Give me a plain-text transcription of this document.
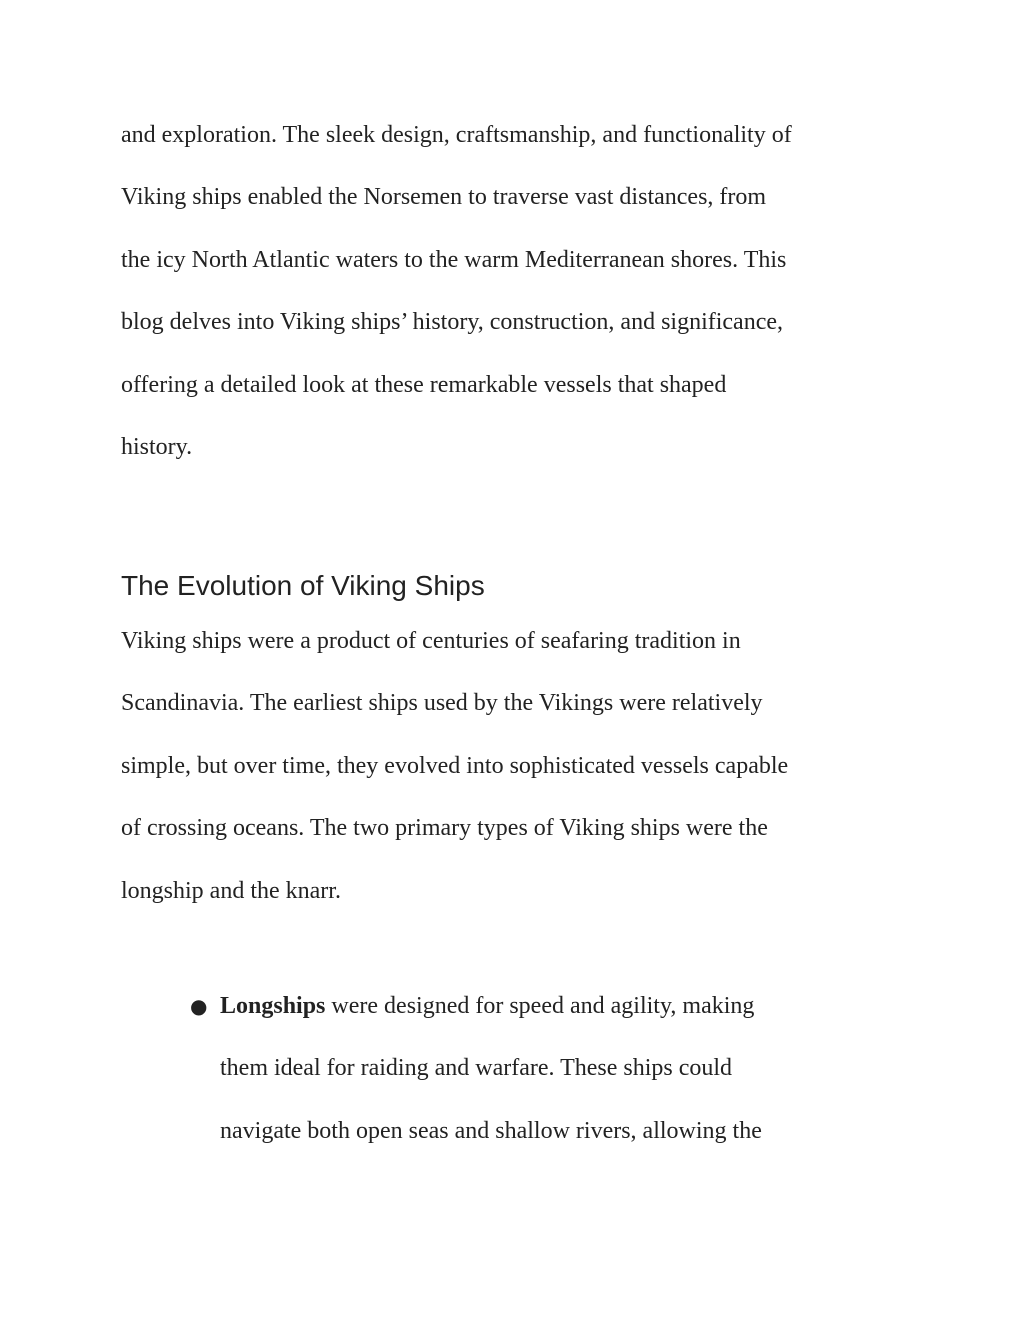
and exploration. The sleek design, craftsmanship, and functionality of
Viking ships enabled the Norsemen to traverse vast distances, from
the icy North Atlantic waters to the warm Mediterranean shores. This
blog delves into Viking ships’ history, construction, and significance,
offering a detailed look at these remarkable vessels that shaped
history.

The Evolution of Viking Ships

Viking ships were a product of centuries of seafaring tradition in
Scandinavia. The earliest ships used by the Vikings were relatively
simple, but over time, they evolved into sophisticated vessels capable
of crossing oceans. The two primary types of Viking ships were the
longship and the knarr.

● Longships were designed for speed and agility, making
them ideal for raiding and warfare. These ships could
navigate both open seas and shallow rivers, allowing the
